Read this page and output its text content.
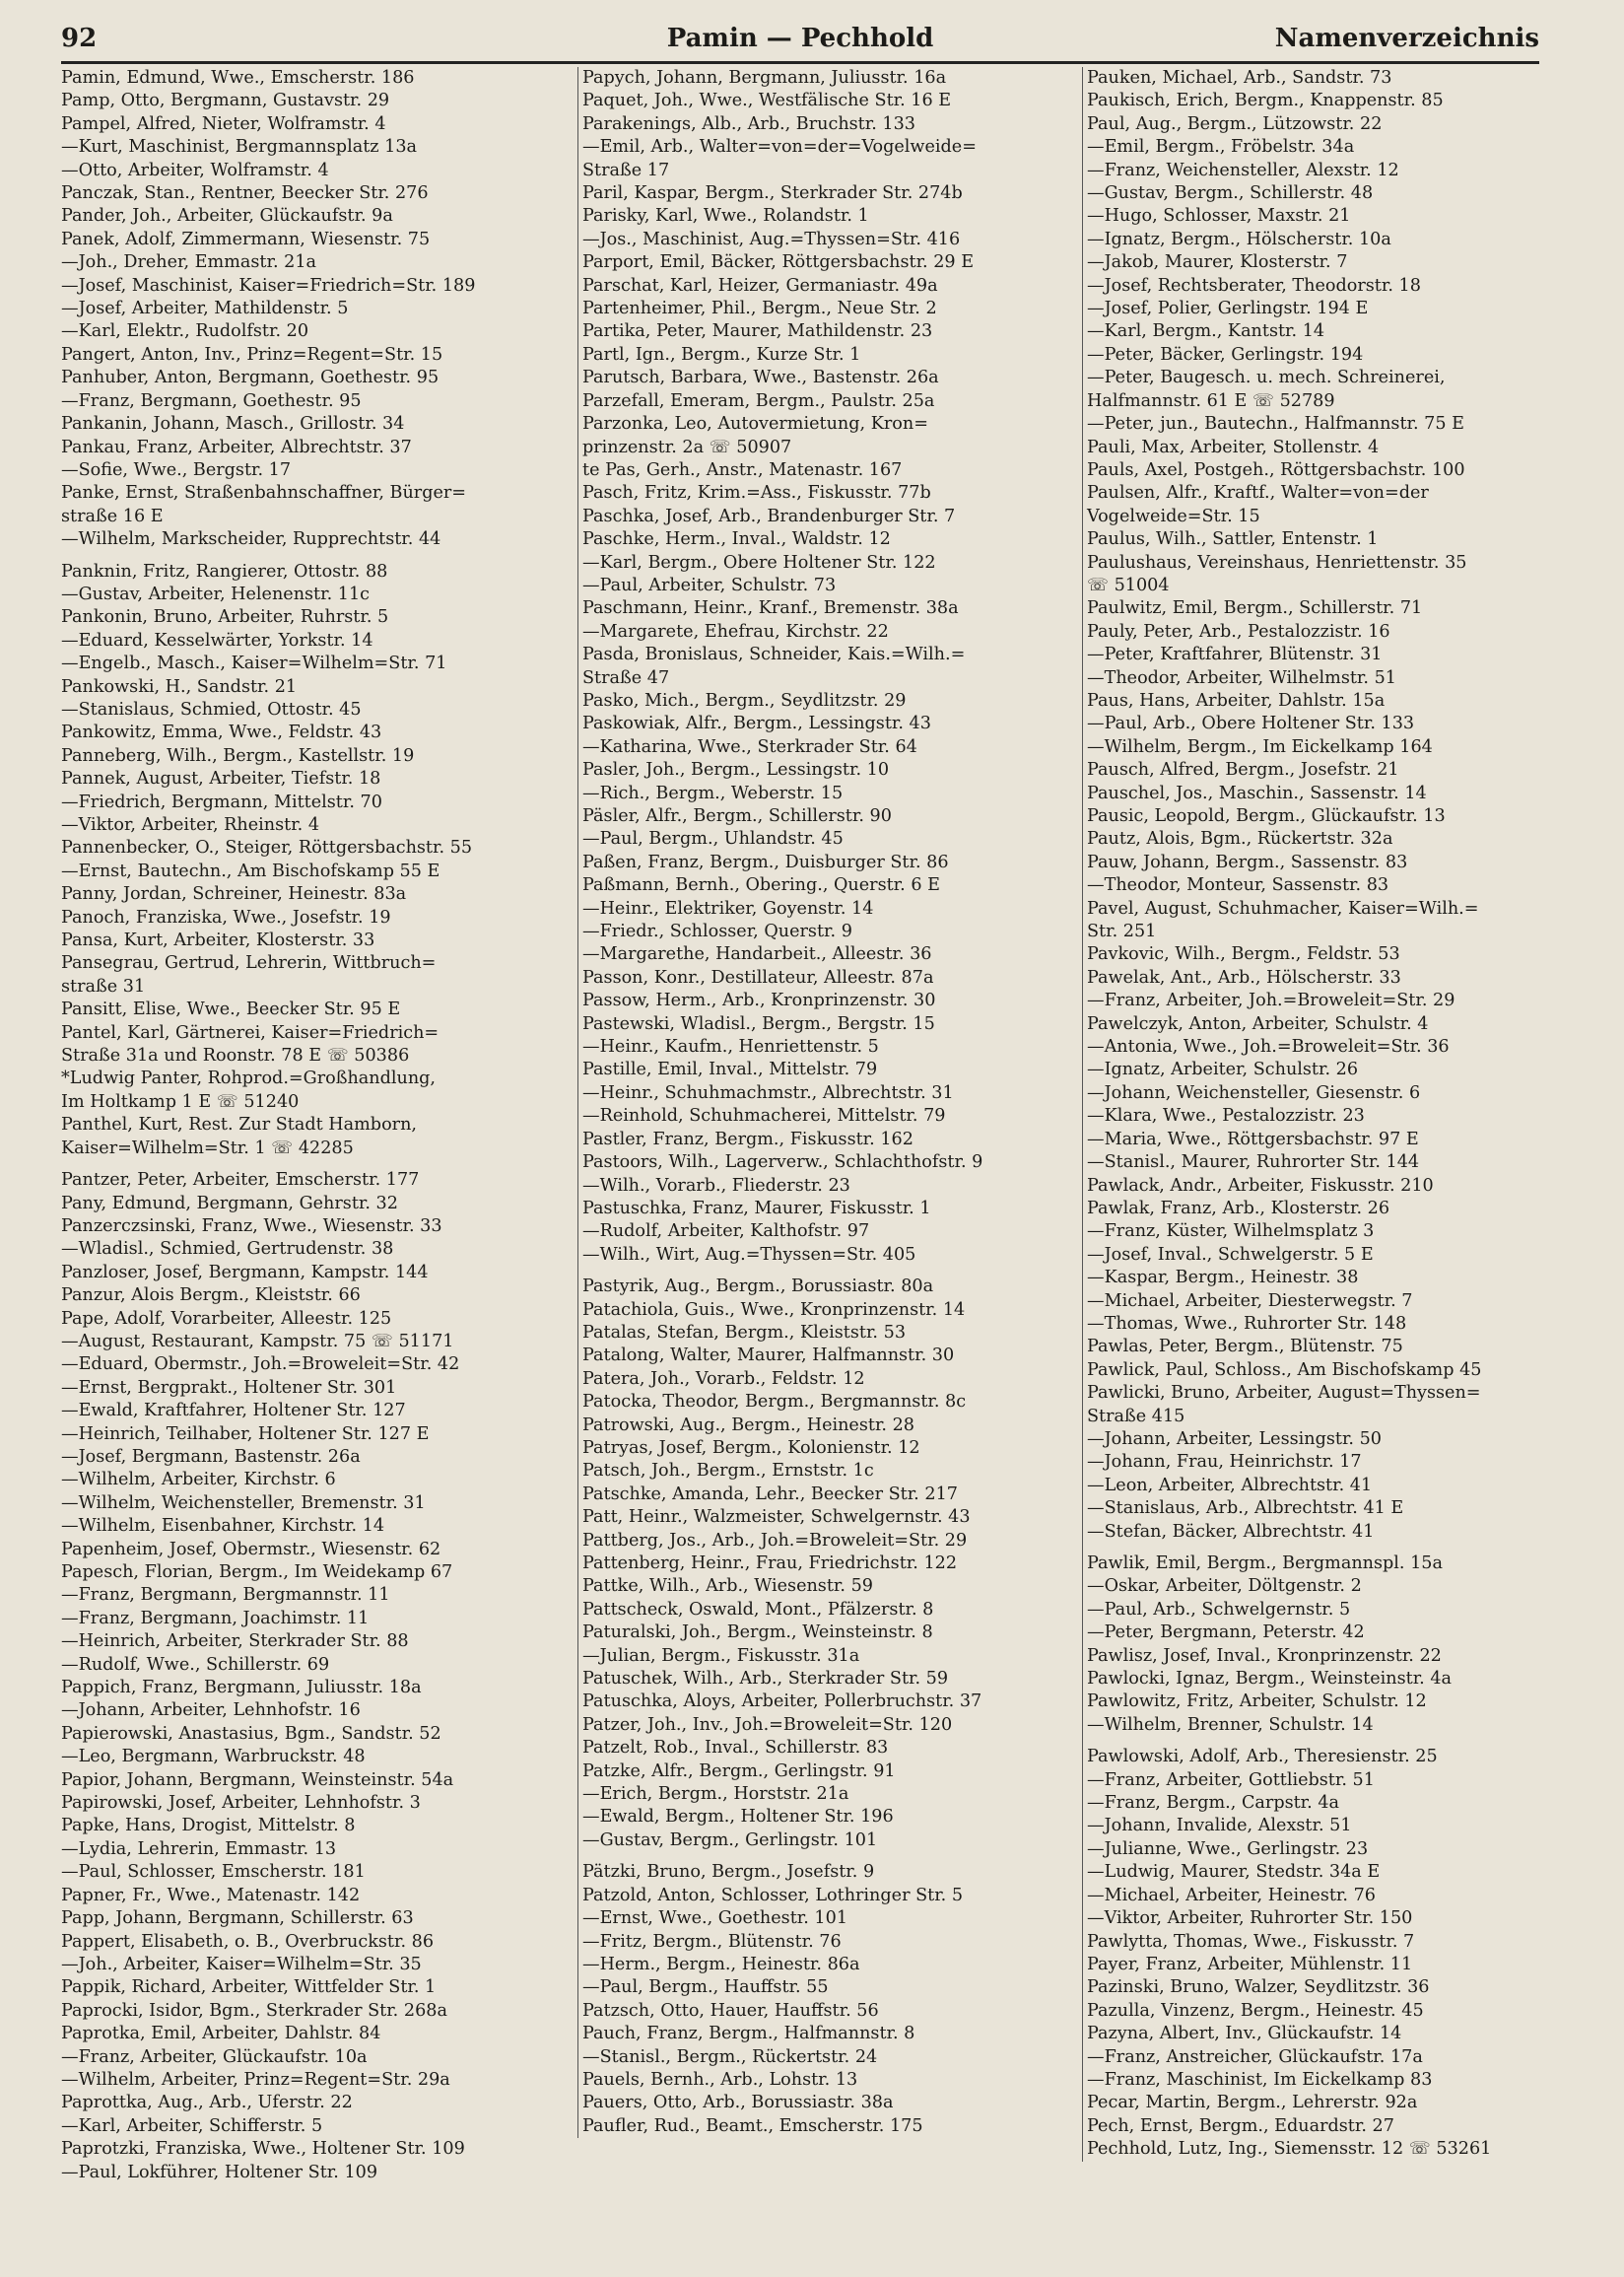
92	Pamin — Pechhold	Namenverzeichnis
Pamin, Edmund, Wwe., Emscherstr. 186
Pamp, Otto, Bergmann, Gustavstr. 29
Pampel, Alfred, Nieter, Wolframstr. 4
—Kurt, Maschinist, Bergmannsplatz 13a
—Otto, Arbeiter, Wolframstr. 4
Panczak, Stan., Rentner, Beecker Str. 276
Pander, Joh., Arbeiter, Glückaufstr. 9a
Panek, Adolf, Zimmermann, Wiesenstr. 75
—Joh., Dreher, Emmastr. 21a
—Josef, Maschinist, Kaiser=Friedrich=Str. 189
—Josef, Arbeiter, Mathildenstr. 5
—Karl, Elektr., Rudolfstr. 20
Pangert, Anton, Inv., Prinz=Regent=Str. 15
Panhuber, Anton, Bergmann, Goethestr. 95
—Franz, Bergmann, Goethestr. 95
Pankanin, Johann, Masch., Grillostr. 34
Pankau, Franz, Arbeiter, Albrechtstr. 37
—Sofie, Wwe., Bergstr. 17
Panke, Ernst, Straßenbahnschaffner, Bürger=
straße 16 E
—Wilhelm, Markscheider, Rupprechtstr. 44
Panknin, Fritz, Rangierer, Ottostr. 88
—Gustav, Arbeiter, Helenenstr. 11c
Pankonin, Bruno, Arbeiter, Ruhrstr. 5
—Eduard, Kesselwärter, Yorkstr. 14
—Engelb., Masch., Kaiser=Wilhelm=Str. 71
Pankowski, H., Sandstr. 21
—Stanislaus, Schmied, Ottostr. 45
Pankowitz, Emma, Wwe., Feldstr. 43
Panneberg, Wilh., Bergm., Kastellstr. 19
Pannek, August, Arbeiter, Tiefstr. 18
—Friedrich, Bergmann, Mittelstr. 70
—Viktor, Arbeiter, Rheinstr. 4
Pannenbecker, O., Steiger, Röttgersbachstr. 55
—Ernst, Bautechn., Am Bischofskamp 55 E
Panny, Jordan, Schreiner, Heinestr. 83a
Panoch, Franziska, Wwe., Josefstr. 19
Pansa, Kurt, Arbeiter, Klosterstr. 33
Pansegrau, Gertrud, Lehrerin, Wittbruch=
straße 31
Pansitt, Elise, Wwe., Beecker Str. 95 E
Pantel, Karl, Gärtnerei, Kaiser=Friedrich=
Straße 31a und Roonstr. 78 E ☏ 50386
*Ludwig Panter, Rohprod.=Großhandlung,
Im Holtkamp 1 E ☏ 51240
Panthel, Kurt, Rest. Zur Stadt Hamborn,
Kaiser=Wilhelm=Str. 1 ☏ 42285
Pantzer, Peter, Arbeiter, Emscherstr. 177
Pany, Edmund, Bergmann, Gehrstr. 32
Panzerczsinski, Franz, Wwe., Wiesenstr. 33
—Wladisl., Schmied, Gertrudenstr. 38
Panzloser, Josef, Bergmann, Kampstr. 144
Panzur, Alois Bergm., Kleiststr. 66
Pape, Adolf, Vorarbeiter, Alleestr. 125
—August, Restaurant, Kampstr. 75 ☏ 51171
—Eduard, Obermstr., Joh.=Broweleit=Str. 42
—Ernst, Bergprakt., Holtener Str. 301
—Ewald, Kraftfahrer, Holtener Str. 127
—Heinrich, Teilhaber, Holtener Str. 127 E
—Josef, Bergmann, Bastenstr. 26a
—Wilhelm, Arbeiter, Kirchstr. 6
—Wilhelm, Weichensteller, Bremenstr. 31
—Wilhelm, Eisenbahner, Kirchstr. 14
Papenheim, Josef, Obermstr., Wiesenstr. 62
Papesch, Florian, Bergm., Im Weidekamp 67
—Franz, Bergmann, Bergmannstr. 11
—Franz, Bergmann, Joachimstr. 11
—Heinrich, Arbeiter, Sterkrader Str. 88
—Rudolf, Wwe., Schillerstr. 69
Pappich, Franz, Bergmann, Juliusstr. 18a
—Johann, Arbeiter, Lehnhofstr. 16
Papierowski, Anastasius, Bgm., Sandstr. 52
—Leo, Bergmann, Warbruckstr. 48
Papior, Johann, Bergmann, Weinsteinstr. 54a
Papirowski, Josef, Arbeiter, Lehnhofstr. 3
Papke, Hans, Drogist, Mittelstr. 8
—Lydia, Lehrerin, Emmastr. 13
—Paul, Schlosser, Emscherstr. 181
Papner, Fr., Wwe., Matenastr. 142
Papp, Johann, Bergmann, Schillerstr. 63
Pappert, Elisabeth, o. B., Overbruckstr. 86
—Joh., Arbeiter, Kaiser=Wilhelm=Str. 35
Pappik, Richard, Arbeiter, Wittfelder Str. 1
Paprocki, Isidor, Bgm., Sterkrader Str. 268a
Paprotka, Emil, Arbeiter, Dahlstr. 84
—Franz, Arbeiter, Glückaufstr. 10a
—Wilhelm, Arbeiter, Prinz=Regent=Str. 29a
Paprottka, Aug., Arb., Uferstr. 22
—Karl, Arbeiter, Schifferstr. 5
Paprotzki, Franziska, Wwe., Holtener Str. 109
—Paul, Lokführer, Holtener Str. 109
Papych, Johann, Bergmann, Juliusstr. 16a
Paquet, Joh., Wwe., Westfälische Str. 16 E
Parakenings, Alb., Arb., Bruchstr. 133
—Emil, Arb., Walter=von=der=Vogelweide=
Straße 17
Paril, Kaspar, Bergm., Sterkrader Str. 274b
Parisky, Karl, Wwe., Rolandstr. 1
—Jos., Maschinist, Aug.=Thyssen=Str. 416
Parport, Emil, Bäcker, Röttgersbachstr. 29 E
Parschat, Karl, Heizer, Germaniastr. 49a
Partenheimer, Phil., Bergm., Neue Str. 2
Partika, Peter, Maurer, Mathildenstr. 23
Partl, Ign., Bergm., Kurze Str. 1
Parutsch, Barbara, Wwe., Bastenstr. 26a
Parzefall, Emeram, Bergm., Paulstr. 25a
Parzonka, Leo, Autovermietung, Kron=
prinzenstr. 2a ☏ 50907
te Pas, Gerh., Anstr., Matenastr. 167
Pasch, Fritz, Krim.=Ass., Fiskusstr. 77b
Paschka, Josef, Arb., Brandenburger Str. 7
Paschke, Herm., Inval., Waldstr. 12
—Karl, Bergm., Obere Holtener Str. 122
—Paul, Arbeiter, Schulstr. 73
Paschmann, Heinr., Kranf., Bremenstr. 38a
—Margarete, Ehefrau, Kirchstr. 22
Pasda, Bronislaus, Schneider, Kais.=Wilh.=
Straße 47
Pasko, Mich., Bergm., Seydlitzstr. 29
Paskowiak, Alfr., Bergm., Lessingstr. 43
—Katharina, Wwe., Sterkrader Str. 64
Pasler, Joh., Bergm., Lessingstr. 10
—Rich., Bergm., Weberstr. 15
Päsler, Alfr., Bergm., Schillerstr. 90
—Paul, Bergm., Uhlandstr. 45
Paßen, Franz, Bergm., Duisburger Str. 86
Paßmann, Bernh., Obering., Querstr. 6 E
—Heinr., Elektriker, Goyenstr. 14
—Friedr., Schlosser, Querstr. 9
—Margarethe, Handarbeit., Alleestr. 36
Passon, Konr., Destillateur, Alleestr. 87a
Passow, Herm., Arb., Kronprinzenstr. 30
Pastewski, Wladisl., Bergm., Bergstr. 15
—Heinr., Kaufm., Henriettenstr. 5
Pastille, Emil, Inval., Mittelstr. 79
—Heinr., Schuhmachmstr., Albrechtstr. 31
—Reinhold, Schuhmacherei, Mittelstr. 79
Pastler, Franz, Bergm., Fiskusstr. 162
Pastoors, Wilh., Lagerverw., Schlachthofstr. 9
—Wilh., Vorarb., Fliederstr. 23
Pastuschka, Franz, Maurer, Fiskusstr. 1
—Rudolf, Arbeiter, Kalthofstr. 97
—Wilh., Wirt, Aug.=Thyssen=Str. 405
Pastyrik, Aug., Bergm., Borussiastr. 80a
Patachiola, Guis., Wwe., Kronprinzenstr. 14
Patalas, Stefan, Bergm., Kleiststr. 53
Patalong, Walter, Maurer, Halfmannstr. 30
Patera, Joh., Vorarb., Feldstr. 12
Patocka, Theodor, Bergm., Bergmannstr. 8c
Patrowski, Aug., Bergm., Heinestr. 28
Patryas, Josef, Bergm., Kolonienstr. 12
Patsch, Joh., Bergm., Ernststr. 1c
Patschke, Amanda, Lehr., Beecker Str. 217
Patt, Heinr., Walzmeister, Schwelgernstr. 43
Pattberg, Jos., Arb., Joh.=Broweleit=Str. 29
Pattenberg, Heinr., Frau, Friedrichstr. 122
Pattke, Wilh., Arb., Wiesenstr. 59
Pattscheck, Oswald, Mont., Pfälzerstr. 8
Paturalski, Joh., Bergm., Weinsteinstr. 8
—Julian, Bergm., Fiskusstr. 31a
Patuschek, Wilh., Arb., Sterkrader Str. 59
Patuschka, Aloys, Arbeiter, Pollerbruchstr. 37
Patzer, Joh., Inv., Joh.=Broweleit=Str. 120
Patzelt, Rob., Inval., Schillerstr. 83
Patzke, Alfr., Bergm., Gerlingstr. 91
—Erich, Bergm., Horststr. 21a
—Ewald, Bergm., Holtener Str. 196
—Gustav, Bergm., Gerlingstr. 101
Pätzki, Bruno, Bergm., Josefstr. 9
Patzold, Anton, Schlosser, Lothringer Str. 5
—Ernst, Wwe., Goethestr. 101
—Fritz, Bergm., Blütenstr. 76
—Herm., Bergm., Heinestr. 86a
—Paul, Bergm., Hauffstr. 55
Patzsch, Otto, Hauer, Hauffstr. 56
Pauch, Franz, Bergm., Halfmannstr. 8
—Stanisl., Bergm., Rückertstr. 24
Pauels, Bernh., Arb., Lohstr. 13
Pauers, Otto, Arb., Borussiastr. 38a
Paufler, Rud., Beamt., Emscherstr. 175
Pauken, Michael, Arb., Sandstr. 73
Paukisch, Erich, Bergm., Knappenstr. 85
Paul, Aug., Bergm., Lützowstr. 22
—Emil, Bergm., Fröbelstr. 34a
—Franz, Weichensteller, Alexstr. 12
—Gustav, Bergm., Schillerstr. 48
—Hugo, Schlosser, Maxstr. 21
—Ignatz, Bergm., Hölscherstr. 10a
—Jakob, Maurer, Klosterstr. 7
—Josef, Rechtsberater, Theodorstr. 18
—Josef, Polier, Gerlingstr. 194 E
—Karl, Bergm., Kantstr. 14
—Peter, Bäcker, Gerlingstr. 194
—Peter, Baugesch. u. mech. Schreinerei,
Halfmannstr. 61 E ☏ 52789
—Peter, jun., Bautechn., Halfmannstr. 75 E
Pauli, Max, Arbeiter, Stollenstr. 4
Pauls, Axel, Postgeh., Röttgersbachstr. 100
Paulsen, Alfr., Kraftf., Walter=von=der
Vogelweide=Str. 15
Paulus, Wilh., Sattler, Entenstr. 1
Paulushaus, Vereinshaus, Henriettenstr. 35
☏ 51004
Paulwitz, Emil, Bergm., Schillerstr. 71
Pauly, Peter, Arb., Pestalozzistr. 16
—Peter, Kraftfahrer, Blütenstr. 31
—Theodor, Arbeiter, Wilhelmstr. 51
Paus, Hans, Arbeiter, Dahlstr. 15a
—Paul, Arb., Obere Holtener Str. 133
—Wilhelm, Bergm., Im Eickelkamp 164
Pausch, Alfred, Bergm., Josefstr. 21
Pauschel, Jos., Maschin., Sassenstr. 14
Pausic, Leopold, Bergm., Glückaufstr. 13
Pautz, Alois, Bgm., Rückertstr. 32a
Pauw, Johann, Bergm., Sassenstr. 83
—Theodor, Monteur, Sassenstr. 83
Pavel, August, Schuhmacher, Kaiser=Wilh.=
Str. 251
Pavkovic, Wilh., Bergm., Feldstr. 53
Pawelak, Ant., Arb., Hölscherstr. 33
—Franz, Arbeiter, Joh.=Broweleit=Str. 29
Pawelczyk, Anton, Arbeiter, Schulstr. 4
—Antonia, Wwe., Joh.=Broweleit=Str. 36
—Ignatz, Arbeiter, Schulstr. 26
—Johann, Weichensteller, Giesenstr. 6
—Klara, Wwe., Pestalozzistr. 23
—Maria, Wwe., Röttgersbachstr. 97 E
—Stanisl., Maurer, Ruhrorter Str. 144
Pawlack, Andr., Arbeiter, Fiskusstr. 210
Pawlak, Franz, Arb., Klosterstr. 26
—Franz, Küster, Wilhelmsplatz 3
—Josef, Inval., Schwelgerstr. 5 E
—Kaspar, Bergm., Heinestr. 38
—Michael, Arbeiter, Diesterwegstr. 7
—Thomas, Wwe., Ruhrorter Str. 148
Pawlas, Peter, Bergm., Blütenstr. 75
Pawlick, Paul, Schloss., Am Bischofskamp 45
Pawlicki, Bruno, Arbeiter, August=Thyssen=
Straße 415
—Johann, Arbeiter, Lessingstr. 50
—Johann, Frau, Heinrichstr. 17
—Leon, Arbeiter, Albrechtstr. 41
—Stanislaus, Arb., Albrechtstr. 41 E
—Stefan, Bäcker, Albrechtstr. 41
Pawlik, Emil, Bergm., Bergmannspl. 15a
—Oskar, Arbeiter, Döltgenstr. 2
—Paul, Arb., Schwelgernstr. 5
—Peter, Bergmann, Peterstr. 42
Pawlisz, Josef, Inval., Kronprinzenstr. 22
Pawlocki, Ignaz, Bergm., Weinsteinstr. 4a
Pawlowitz, Fritz, Arbeiter, Schulstr. 12
—Wilhelm, Brenner, Schulstr. 14
Pawlowski, Adolf, Arb., Theresienstr. 25
—Franz, Arbeiter, Gottliebstr. 51
—Franz, Bergm., Carpstr. 4a
—Johann, Invalide, Alexstr. 51
—Julianne, Wwe., Gerlingstr. 23
—Ludwig, Maurer, Stedstr. 34a E
—Michael, Arbeiter, Heinestr. 76
—Viktor, Arbeiter, Ruhrorter Str. 150
Pawlytta, Thomas, Wwe., Fiskusstr. 7
Payer, Franz, Arbeiter, Mühlenstr. 11
Pazinski, Bruno, Walzer, Seydlitzstr. 36
Pazulla, Vinzenz, Bergm., Heinestr. 45
Pazyna, Albert, Inv., Glückaufstr. 14
—Franz, Anstreicher, Glückaufstr. 17a
—Franz, Maschinist, Im Eickelkamp 83
Pecar, Martin, Bergm., Lehrerstr. 92a
Pech, Ernst, Bergm., Eduardstr. 27
Pechhold, Lutz, Ing., Siemensstr. 12 ☏ 53261
